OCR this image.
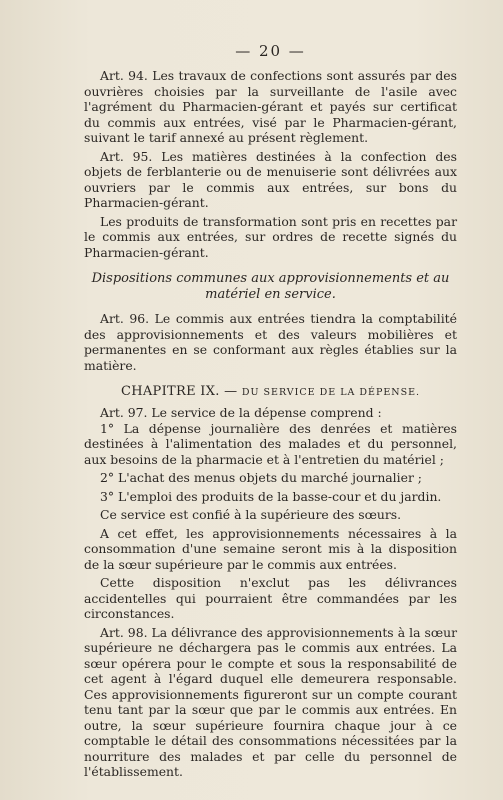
— 20 —

Art. 94. Les travaux de confections sont assurés par des ouvrières choisies par la surveillante de l'asile avec l'agrément du Pharmacien-gérant et payés sur certificat du commis aux entrées, visé par le Pharmacien-gérant, suivant le tarif annexé au présent règlement.

Art. 95. Les matières destinées à la confection des objets de ferblanterie ou de menuiserie sont délivrées aux ouvriers par le commis aux entrées, sur bons du Pharmacien-gérant.

Les produits de transformation sont pris en recettes par le commis aux entrées, sur ordres de recette signés du Pharmacien-gérant.

Dispositions communes aux approvisionnements et au matériel en service.

Art. 96. Le commis aux entrées tiendra la comptabilité des approvisionnements et des valeurs mobilières et permanentes en se conformant aux règles établies sur la matière.

CHAPITRE IX. — DU SERVICE DE LA DÉPENSE.

Art. 97. Le service de la dépense comprend :

1° La dépense journalière des denrées et matières destinées à l'alimentation des malades et du personnel, aux besoins de la pharmacie et à l'entretien du matériel ;

2° L'achat des menus objets du marché journalier ;

3° L'emploi des produits de la basse-cour et du jardin.

Ce service est confié à la supérieure des sœurs.

A cet effet, les approvisionnements nécessaires à la consommation d'une semaine seront mis à la disposition de la sœur supérieure par le commis aux entrées.

Cette disposition n'exclut pas les délivrances accidentelles qui pourraient être commandées par les circonstances.

Art. 98. La délivrance des approvisionnements à la sœur supérieure ne déchargera pas le commis aux entrées. La sœur opérera pour le compte et sous la responsabilité de cet agent à l'égard duquel elle demeurera responsable. Ces approvisionnements figureront sur un compte courant tenu tant par la sœur que par le commis aux entrées. En outre, la sœur supérieure fournira chaque jour à ce comptable le détail des consommations nécessitées par la nourriture des malades et par celle du personnel de l'établissement.
